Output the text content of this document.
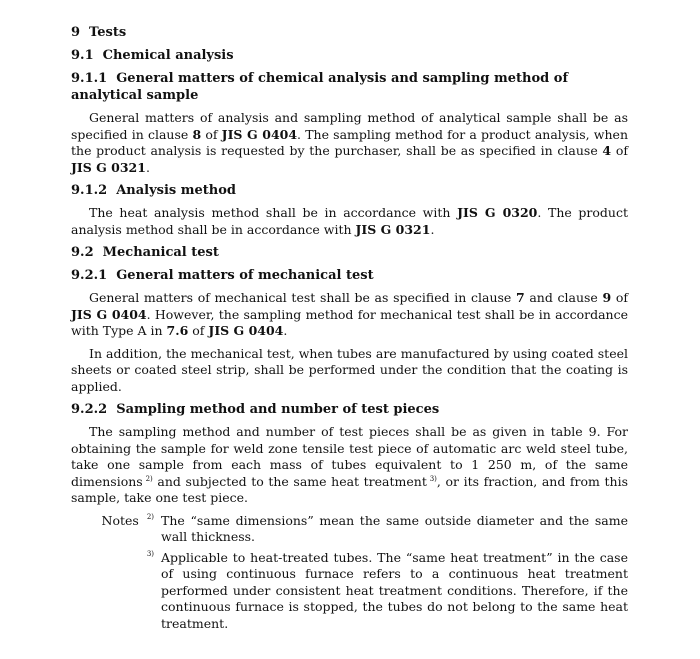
9 Tests
9.1 Chemical analysis
9.1.1 General matters of chemical analysis and sampling method of analytical sample

General matters of analysis and sampling method of analytical sample shall be as specified in clause 8 of JIS G 0404. The sampling method for a product analysis, when the product analysis is requested by the purchaser, shall be as specified in clause 4 of JIS G 0321.

9.1.2 Analysis method

The heat analysis method shall be in accordance with JIS G 0320. The product analysis method shall be in accordance with JIS G 0321.

9.2 Mechanical test
9.2.1 General matters of mechanical test

General matters of mechanical test shall be as specified in clause 7 and clause 9 of JIS G 0404. However, the sampling method for mechanical test shall be in accordance with Type A in 7.6 of JIS G 0404.

In addition, the mechanical test, when tubes are manufactured by using coated steel sheets or coated steel strip, shall be performed under the condition that the coating is applied.

9.2.2 Sampling method and number of test pieces

The sampling method and number of test pieces shall be as given in table 9. For obtaining the sample for weld zone tensile test piece of automatic arc weld steel tube, take one sample from each mass of tubes equivalent to 1 250 m, of the same dimensions $^{2)}$ and subjected to the same heat treatment $^{3)}$, or its fraction, and from this sample, take one test piece.

Notes $^{2)}$ The “same dimensions” mean the same outside diameter and the same wall thickness.
$^{3)}$ Applicable to heat-treated tubes. The “same heat treatment” in the case of using continuous furnace refers to a continuous heat treatment performed under consistent heat treatment conditions. Therefore, if the continuous furnace is stopped, the tubes do not belong to the same heat treatment.
